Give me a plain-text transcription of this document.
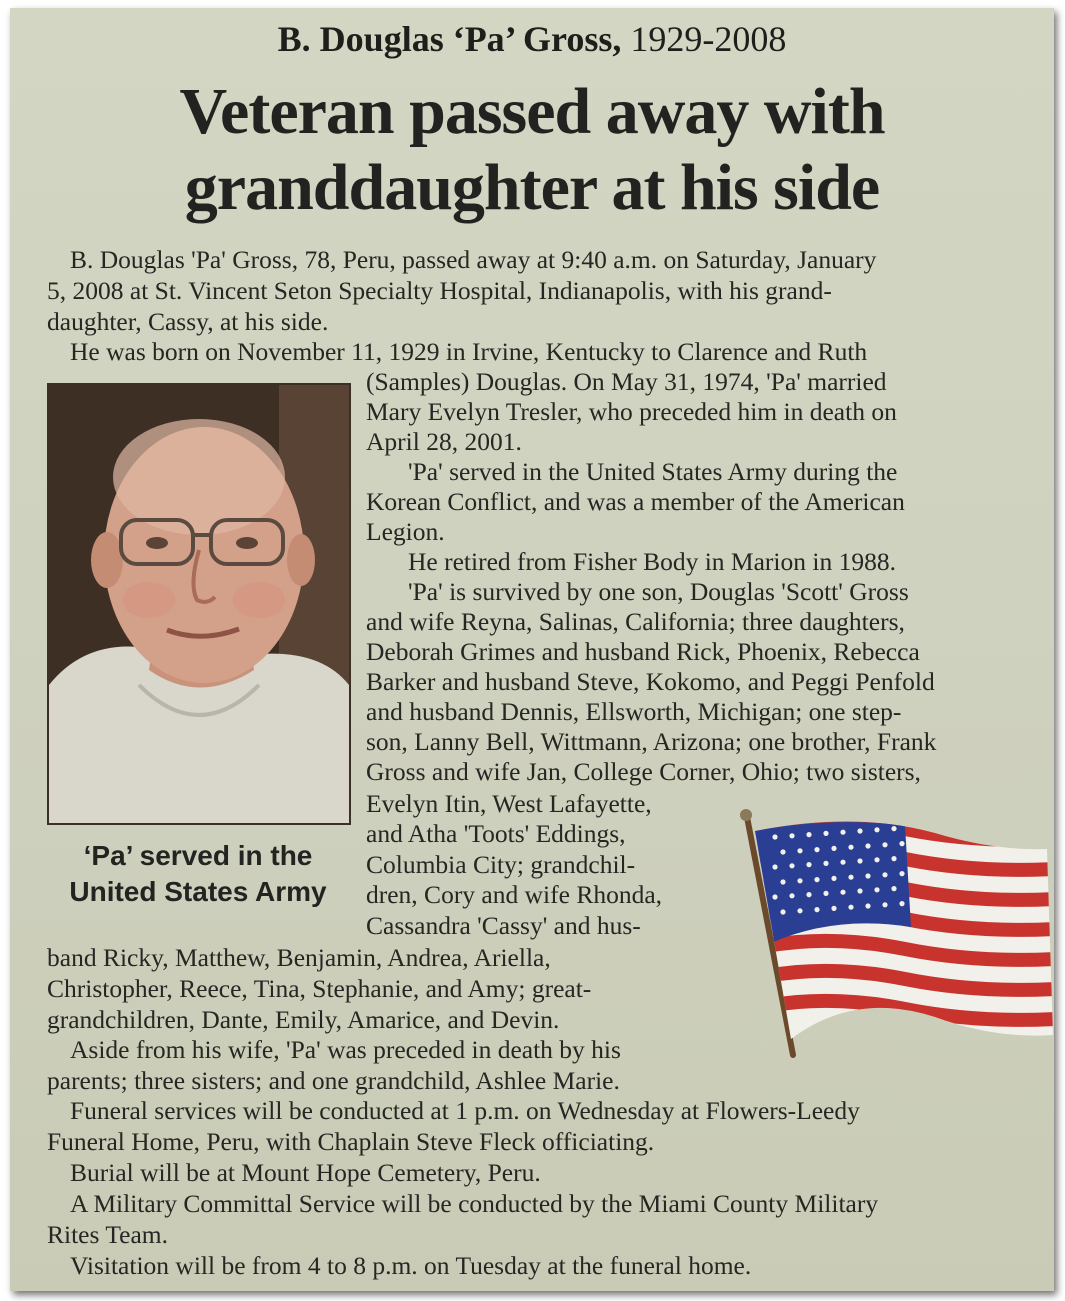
B. Douglas ‘Pa’ Gross, 1929-2008
Veteran passed away with
granddaughter at his side
B. Douglas 'Pa' Gross, 78, Peru, passed away at 9:40 a.m. on Saturday, January
5, 2008 at St. Vincent Seton Specialty Hospital, Indianapolis, with his grand-
daughter, Cassy, at his side.
He was born on November 11, 1929 in Irvine, Kentucky to Clarence and Ruth
(Samples) Douglas. On May 31, 1974, 'Pa' married
Mary Evelyn Tresler, who preceded him in death on
April 28, 2001.
'Pa' served in the United States Army during the
Korean Conflict, and was a member of the American
Legion.
He retired from Fisher Body in Marion in 1988.
'Pa' is survived by one son, Douglas 'Scott' Gross
and wife Reyna, Salinas, California; three daughters,
Deborah Grimes and husband Rick, Phoenix, Rebecca
Barker and husband Steve, Kokomo, and Peggi Penfold
and husband Dennis, Ellsworth, Michigan; one step-
son, Lanny Bell, Wittmann, Arizona; one brother, Frank
Gross and wife Jan, College Corner, Ohio; two sisters,
Evelyn Itin, West Lafayette,
and Atha 'Toots' Eddings,
Columbia City; grandchil-
dren, Cory and wife Rhonda,
Cassandra 'Cassy' and hus-
band Ricky, Matthew, Benjamin, Andrea, Ariella,
Christopher, Reece, Tina, Stephanie, and Amy; great-
grandchildren, Dante, Emily, Amarice, and Devin.
Aside from his wife, 'Pa' was preceded in death by his
parents; three sisters; and one grandchild, Ashlee Marie.
Funeral services will be conducted at 1 p.m. on Wednesday at Flowers-Leedy
Funeral Home, Peru, with Chaplain Steve Fleck officiating.
Burial will be at Mount Hope Cemetery, Peru.
A Military Committal Service will be conducted by the Miami County Military
Rites Team.
Visitation will be from 4 to 8 p.m. on Tuesday at the funeral home.
‘Pa’ served in the
United States Army
